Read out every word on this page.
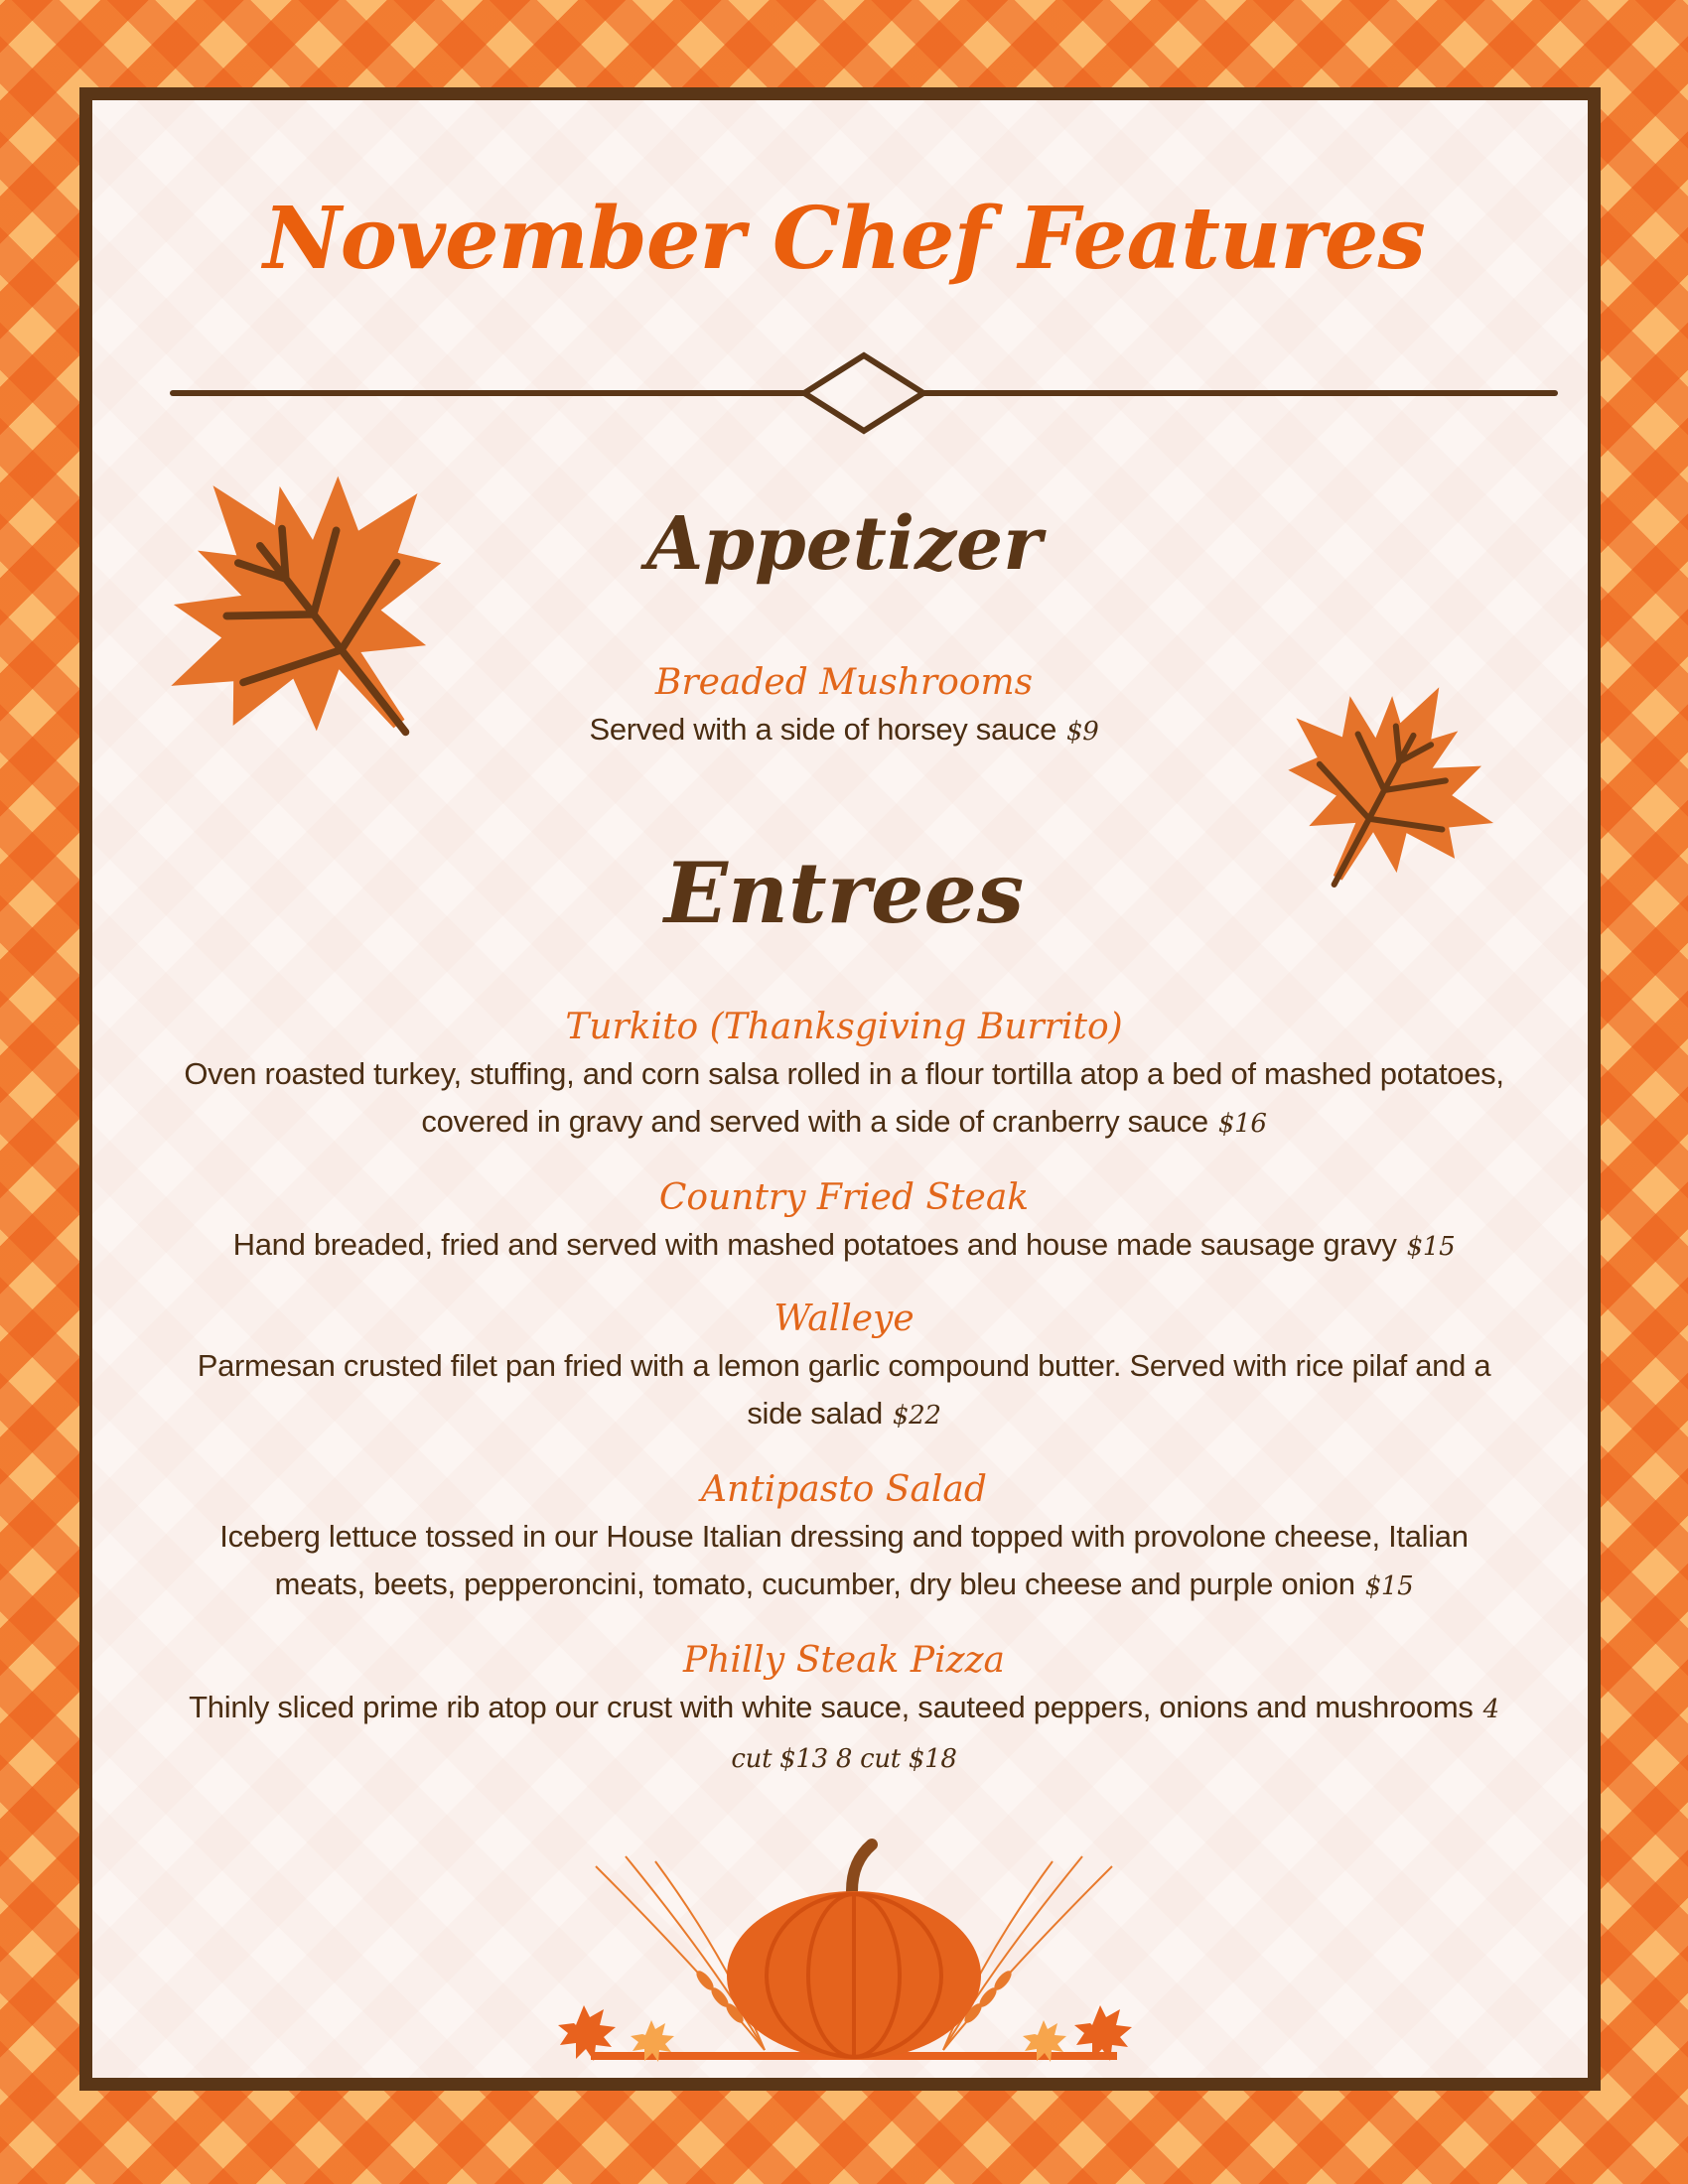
November Chef Features
Appetizer

Breaded Mushrooms

Served with a side of horsey sauce $9

Entrees

Turkito (Thanksgiving Burrito)

Oven roasted turkey, stuffing, and corn salsa rolled in a flour tortilla atop a bed of mashed potatoes, covered in gravy and served with a side of cranberry sauce $16

Country Fried Steak

Hand breaded, fried and served with mashed potatoes and house made sausage gravy $15

Walleye

Parmesan crusted filet pan fried with a lemon garlic compound butter. Served with rice pilaf and a side salad $22

Antipasto Salad

Iceberg lettuce tossed in our House Italian dressing and topped with provolone cheese, Italian meats, beets, pepperoncini, tomato, cucumber, dry bleu cheese and purple onion $15

Philly Steak Pizza

Thinly sliced prime rib atop our crust with white sauce, sauteed peppers, onions and mushrooms 4 cut $13 8 cut $18
